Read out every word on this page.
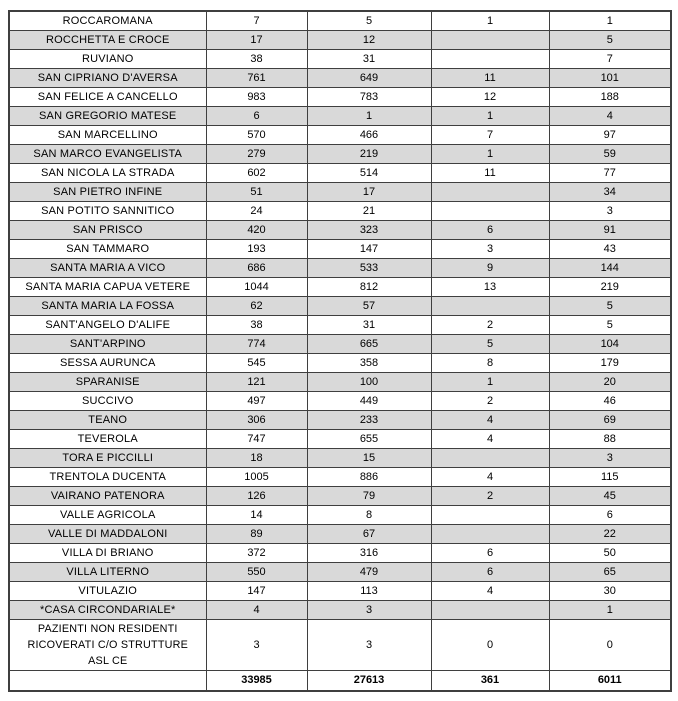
ROCCAROMANA	7	5	1	1
ROCCHETTA E CROCE	17	12		5
RUVIANO	38	31		7
SAN CIPRIANO D'AVERSA	761	649	11	101
SAN FELICE A CANCELLO	983	783	12	188
SAN GREGORIO MATESE	6	1	1	4
SAN MARCELLINO	570	466	7	97
SAN MARCO EVANGELISTA	279	219	1	59
SAN NICOLA LA STRADA	602	514	11	77
SAN PIETRO INFINE	51	17		34
SAN POTITO SANNITICO	24	21		3
SAN PRISCO	420	323	6	91
SAN TAMMARO	193	147	3	43
SANTA MARIA A VICO	686	533	9	144
SANTA MARIA CAPUA VETERE	1044	812	13	219
SANTA MARIA LA FOSSA	62	57		5
SANT'ANGELO D'ALIFE	38	31	2	5
SANT'ARPINO	774	665	5	104
SESSA AURUNCA	545	358	8	179
SPARANISE	121	100	1	20
SUCCIVO	497	449	2	46
TEANO	306	233	4	69
TEVEROLA	747	655	4	88
TORA E PICCILLI	18	15		3
TRENTOLA DUCENTA	1005	886	4	115
VAIRANO PATENORA	126	79	2	45
VALLE AGRICOLA	14	8		6
VALLE DI MADDALONI	89	67		22
VILLA DI BRIANO	372	316	6	50
VILLA LITERNO	550	479	6	65
VITULAZIO	147	113	4	30
*CASA CIRCONDARIALE*	4	3		1
PAZIENTI NON RESIDENTI RICOVERATI C/O STRUTTURE ASL CE	3	3	0	0
	33985	27613	361	6011
